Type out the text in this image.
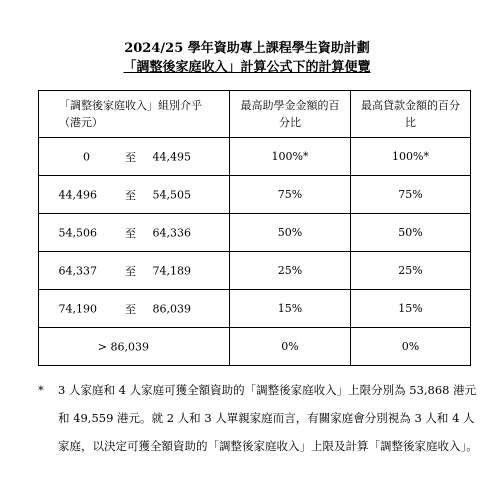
2024/25 學年資助專上課程學生資助計劃
「調整後家庭收入」計算公式下的計算便覽
「調整後家庭收入」組別介乎（港元）	最高助學金金額的百分比	最高貸款金額的百分比

0 至 44,495	100%*	100%*

44,496 至 54,505	75%	75%

54,506 至 64,336	50%	50%

64,337 至 74,189	25%	25%

74,190 至 86,039	15%	15%

> 86,039	0%	0%
*	3 人家庭和 4 人家庭可獲全額資助的「調整後家庭收入」上限分別為 53,868 港元和 49,559 港元。就 2 人和 3 人單親家庭而言，有關家庭會分別視為 3 人和 4 人家庭，以決定可獲全額資助的「調整後家庭收入」上限及計算「調整後家庭收入」。
